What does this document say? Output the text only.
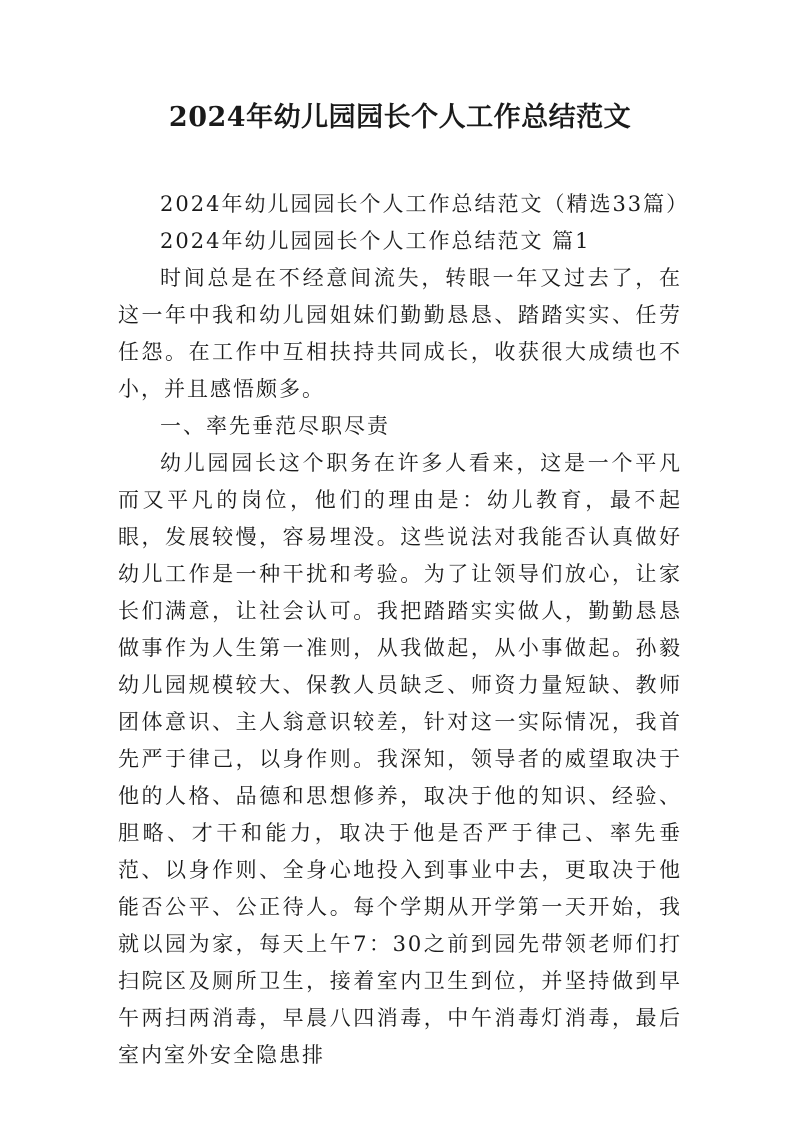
2024年幼儿园园长个人工作总结范文

2024年幼儿园园长个人工作总结范文（精选33篇）

2024年幼儿园园长个人工作总结范文 篇1

时间总是在不经意间流失，转眼一年又过去了，在这一年中我和幼儿园姐妹们勤勤恳恳、踏踏实实、任劳任怨。在工作中互相扶持共同成长，收获很大成绩也不小，并且感悟颇多。

一、率先垂范尽职尽责

幼儿园园长这个职务在许多人看来，这是一个平凡而又平凡的岗位，他们的理由是：幼儿教育，最不起眼，发展较慢，容易埋没。这些说法对我能否认真做好幼儿工作是一种干扰和考验。为了让领导们放心，让家长们满意，让社会认可。我把踏踏实实做人，勤勤恳恳做事作为人生第一准则，从我做起，从小事做起。孙毅幼儿园规模较大、保教人员缺乏、师资力量短缺、教师团体意识、主人翁意识较差，针对这一实际情况，我首先严于律己，以身作则。我深知，领导者的威望取决于他的人格、品德和思想修养，取决于他的知识、经验、胆略、才干和能力，取决于他是否严于律己、率先垂范、以身作则、全身心地投入到事业中去，更取决于他能否公平、公正待人。每个学期从开学第一天开始，我就以园为家，每天上午7：30之前到园先带领老师们打扫院区及厕所卫生，接着室内卫生到位，并坚持做到早午两扫两消毒，早晨八四消毒，中午消毒灯消毒，最后室内室外安全隐患排
